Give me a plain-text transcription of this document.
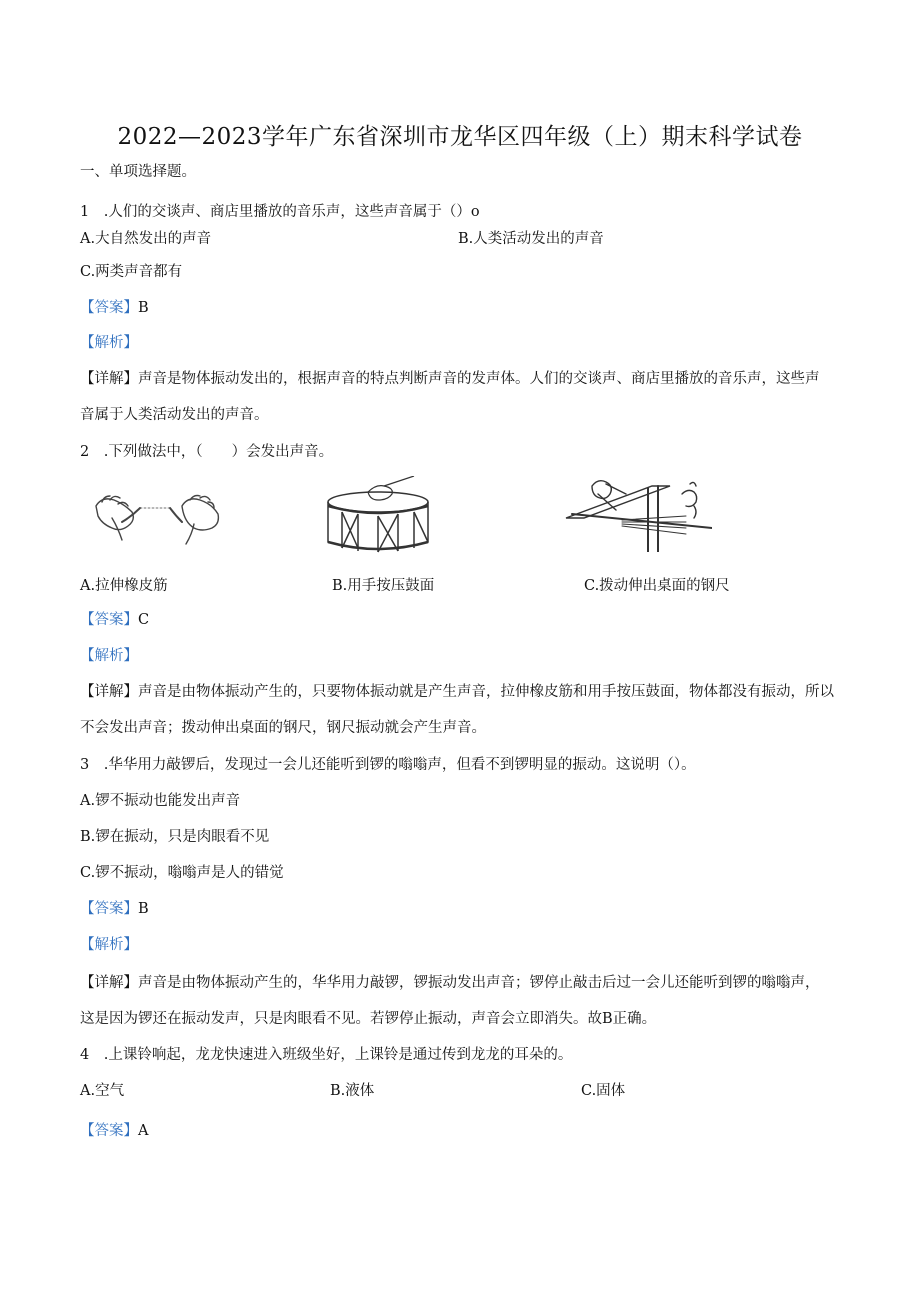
2022—2023学年广东省深圳市龙华区四年级（上）期末科学试卷
一、单项选择题。
1　.人们的交谈声、商店里播放的音乐声，这些声音属于（）o
A.大自然发出的声音	B.人类活动发出的声音
C.两类声音都有
【答案】B
【解析】
【详解】声音是物体振动发出的，根据声音的特点判断声音的发声体。人们的交谈声、商店里播放的音乐声，这些声
音属于人类活动发出的声音。
2　.下列做法中，（　　）会发出声音。
A.拉伸橡皮筋	B.用手按压鼓面	C.拨动伸出桌面的钢尺
【答案】C
【解析】
【详解】声音是由物体振动产生的，只要物体振动就是产生声音，拉伸橡皮筋和用手按压鼓面，物体都没有振动，所以
不会发出声音；拨动伸出桌面的钢尺，钢尺振动就会产生声音。
3　.华华用力敲锣后，发现过一会儿还能听到锣的嗡嗡声，但看不到锣明显的振动。这说明（）。
A.锣不振动也能发出声音
B.锣在振动，只是肉眼看不见
C.锣不振动，嗡嗡声是人的错觉
【答案】B
【解析】
【详解】声音是由物体振动产生的，华华用力敲锣，锣振动发出声音；锣停止敲击后过一会儿还能听到锣的嗡嗡声，
这是因为锣还在振动发声，只是肉眼看不见。若锣停止振动，声音会立即消失。故B正确。
4　.上课铃响起，龙龙快速进入班级坐好，上课铃是通过传到龙龙的耳朵的。
A.空气	B.液体	C.固体
【答案】A
